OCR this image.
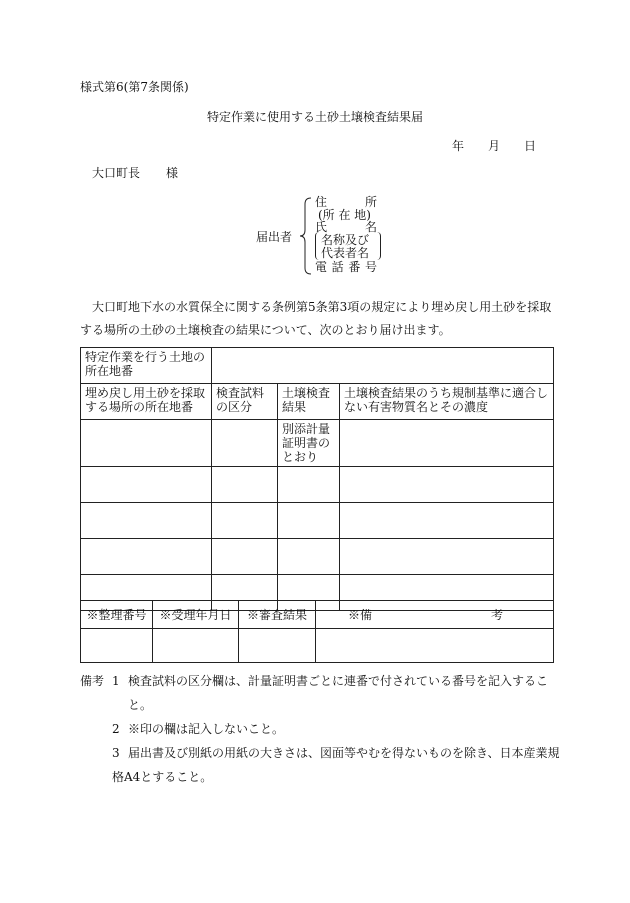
様式第6(第7条関係)
特定作業に使用する土砂土壌検査結果届
年 月 日
大口町長 様
届出者
住	所
(所 在 地)
氏	名
名称及び
代表者名
電 話 番 号
大口町地下水の水質保全に関する条例第5条第3項の規定により埋め戻し用土砂を採取する場所の土砂の土壌検査の結果について、次のとおり届け出ます。
特定作業を行う土地の所在地番			
埋め戻し用土砂を採取する場所の所在地番	検査試料の区分	土壌検査結果	土壌検査結果のうち規制基準に適合しない有害物質名とその濃度
		別添計量証明書のとおり	

※整理番号	※受理年月日	※審査結果	※備 考

備考 1 検査試料の区分欄は、計量証明書ごとに連番で付されている番号を記入すること。
2 ※印の欄は記入しないこと。
3 届出書及び別紙の用紙の大きさは、図面等やむを得ないものを除き、日本産業規
格A4とすること。
